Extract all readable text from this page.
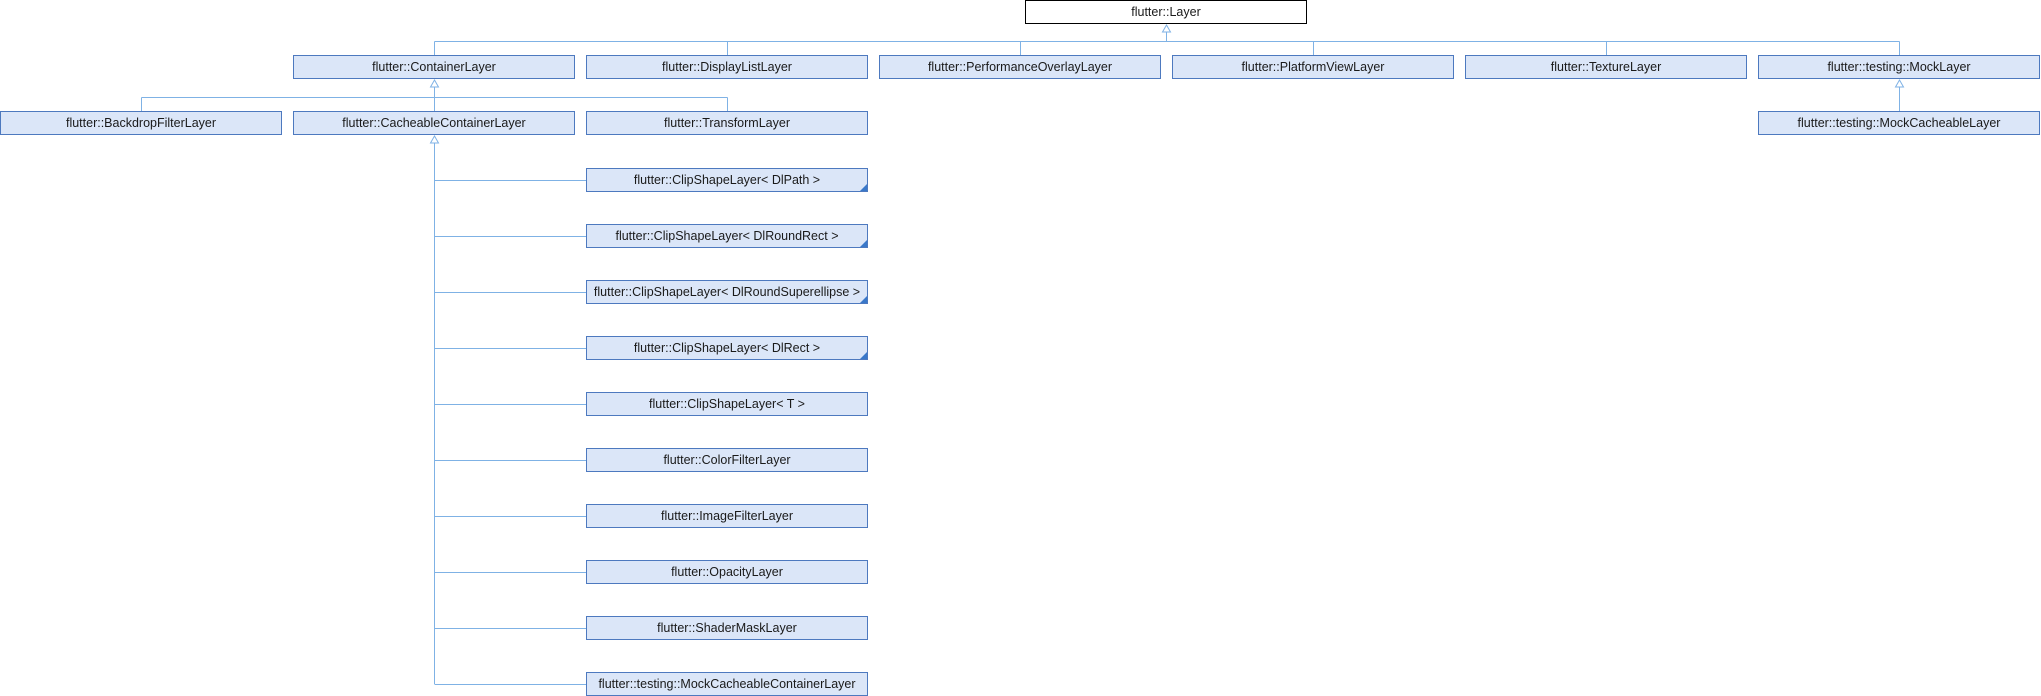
flutter::Layer
flutter::ContainerLayer	flutter::DisplayListLayer	flutter::PerformanceOverlayLayer	flutter::PlatformViewLayer	flutter::TextureLayer	flutter::testing::MockLayer
flutter::BackdropFilterLayer	flutter::CacheableContainerLayer	flutter::TransformLayer	flutter::testing::MockCacheableLayer
flutter::ClipShapeLayer< DlPath >
flutter::ClipShapeLayer< DlRoundRect >
flutter::ClipShapeLayer< DlRoundSuperellipse >
flutter::ClipShapeLayer< DlRect >
flutter::ClipShapeLayer< T >
flutter::ColorFilterLayer
flutter::ImageFilterLayer
flutter::OpacityLayer
flutter::ShaderMaskLayer
flutter::testing::MockCacheableContainerLayer
